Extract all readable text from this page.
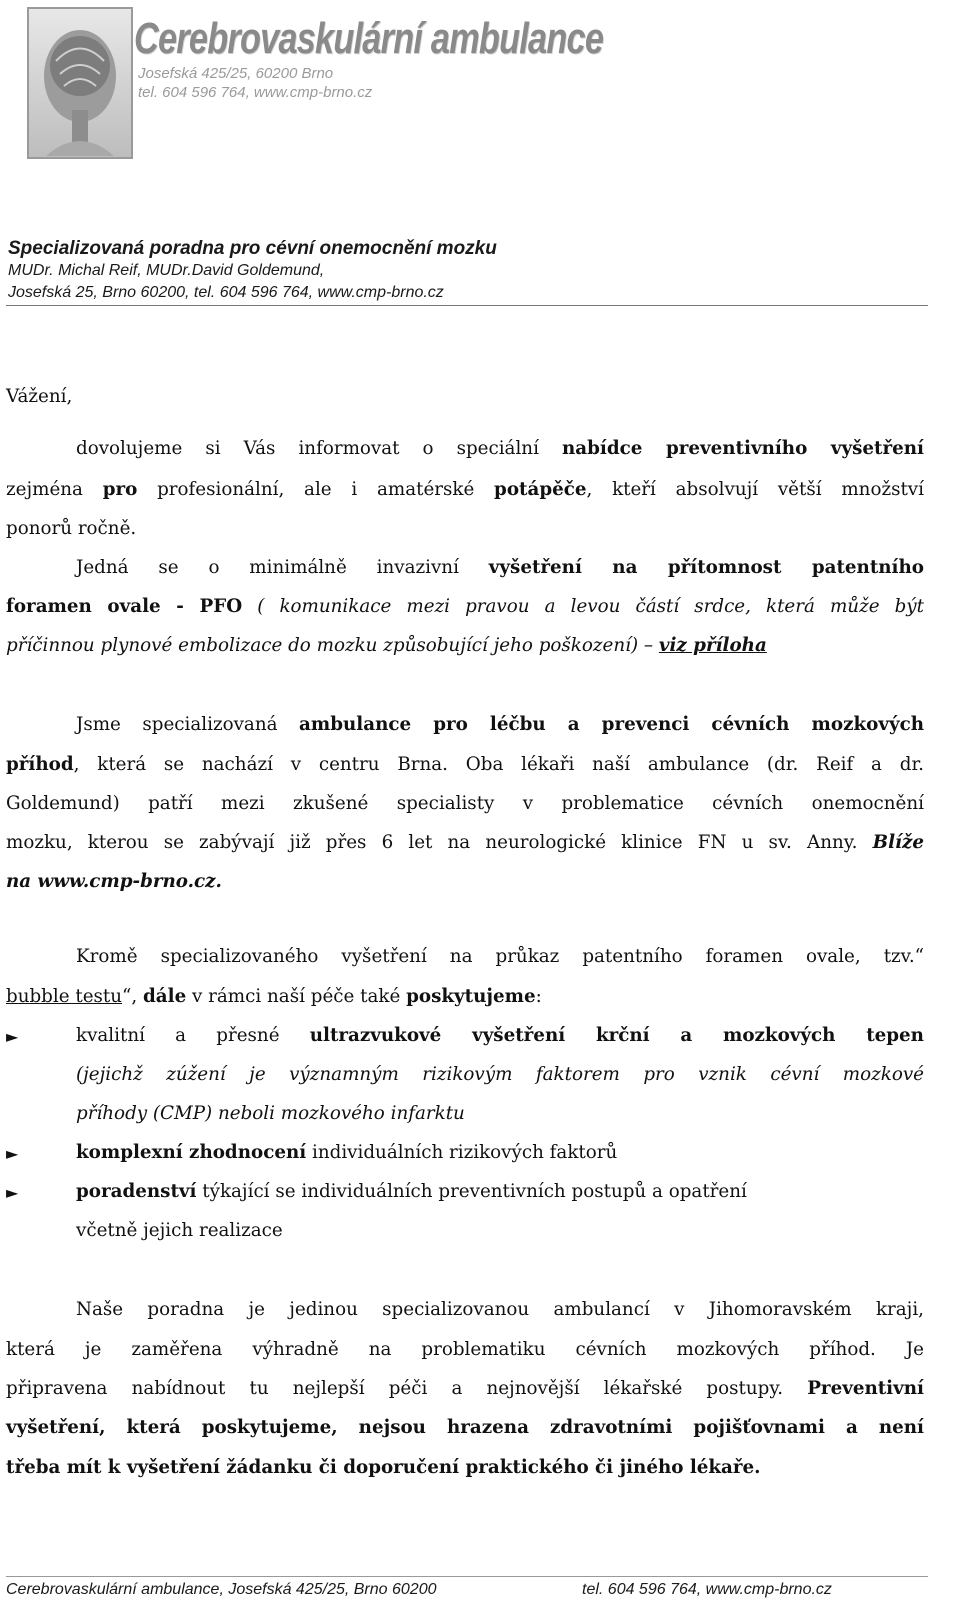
Cerebrovaskulární ambulance
Josefská 425/25, 60200 Brno
tel. 604 596 764, www.cmp-brno.cz
Specializovaná poradna pro cévní onemocnění mozku
MUDr. Michal Reif, MUDr.David Goldemund,
Josefská 25, Brno 60200, tel. 604 596 764, www.cmp-brno.cz
Vážení,
dovolujeme si Vás informovat o speciální nabídce preventivního vyšetření
zejména pro profesionální, ale i amatérské potápěče, kteří absolvují větší množství
ponorů ročně.
Jedná se o minimálně invazivní vyšetření na přítomnost patentního
foramen ovale - PFO ( komunikace mezi pravou a levou částí srdce, která může být
příčinnou plynové embolizace do mozku způsobující jeho poškození) – viz příloha
Jsme specializovaná ambulance pro léčbu a prevenci cévních mozkových
příhod, která se nachází v centru Brna. Oba lékaři naší ambulance (dr. Reif a dr.
Goldemund) patří mezi zkušené specialisty v problematice cévních onemocnění
mozku, kterou se zabývají již přes 6 let na neurologické klinice FN u sv. Anny. Blíže
na www.cmp-brno.cz.
Kromě specializovaného vyšetření na průkaz patentního foramen ovale, tzv.“
bubble testu“, dále v rámci naší péče také poskytujeme:
►	kvalitní a přesné ultrazvukové vyšetření krční a mozkových tepen
(jejichž zúžení je významným rizikovým faktorem pro vznik cévní mozkové
příhody (CMP) neboli mozkového infarktu
►	komplexní zhodnocení individuálních rizikových faktorů
►	poradenství týkající se individuálních preventivních postupů a opatření
včetně jejich realizace
Naše poradna je jedinou specializovanou ambulancí v Jihomoravském kraji,
která je zaměřena výhradně na problematiku cévních mozkových příhod. Je
připravena nabídnout tu nejlepší péči a nejnovější lékařské postupy. Preventivní
vyšetření, která poskytujeme, nejsou hrazena zdravotními pojišťovnami a není
třeba mít k vyšetření žádanku či doporučení praktického či jiného lékaře.
Cerebrovaskulární ambulance, Josefská 425/25, Brno 60200	tel. 604 596 764, www.cmp-brno.cz
